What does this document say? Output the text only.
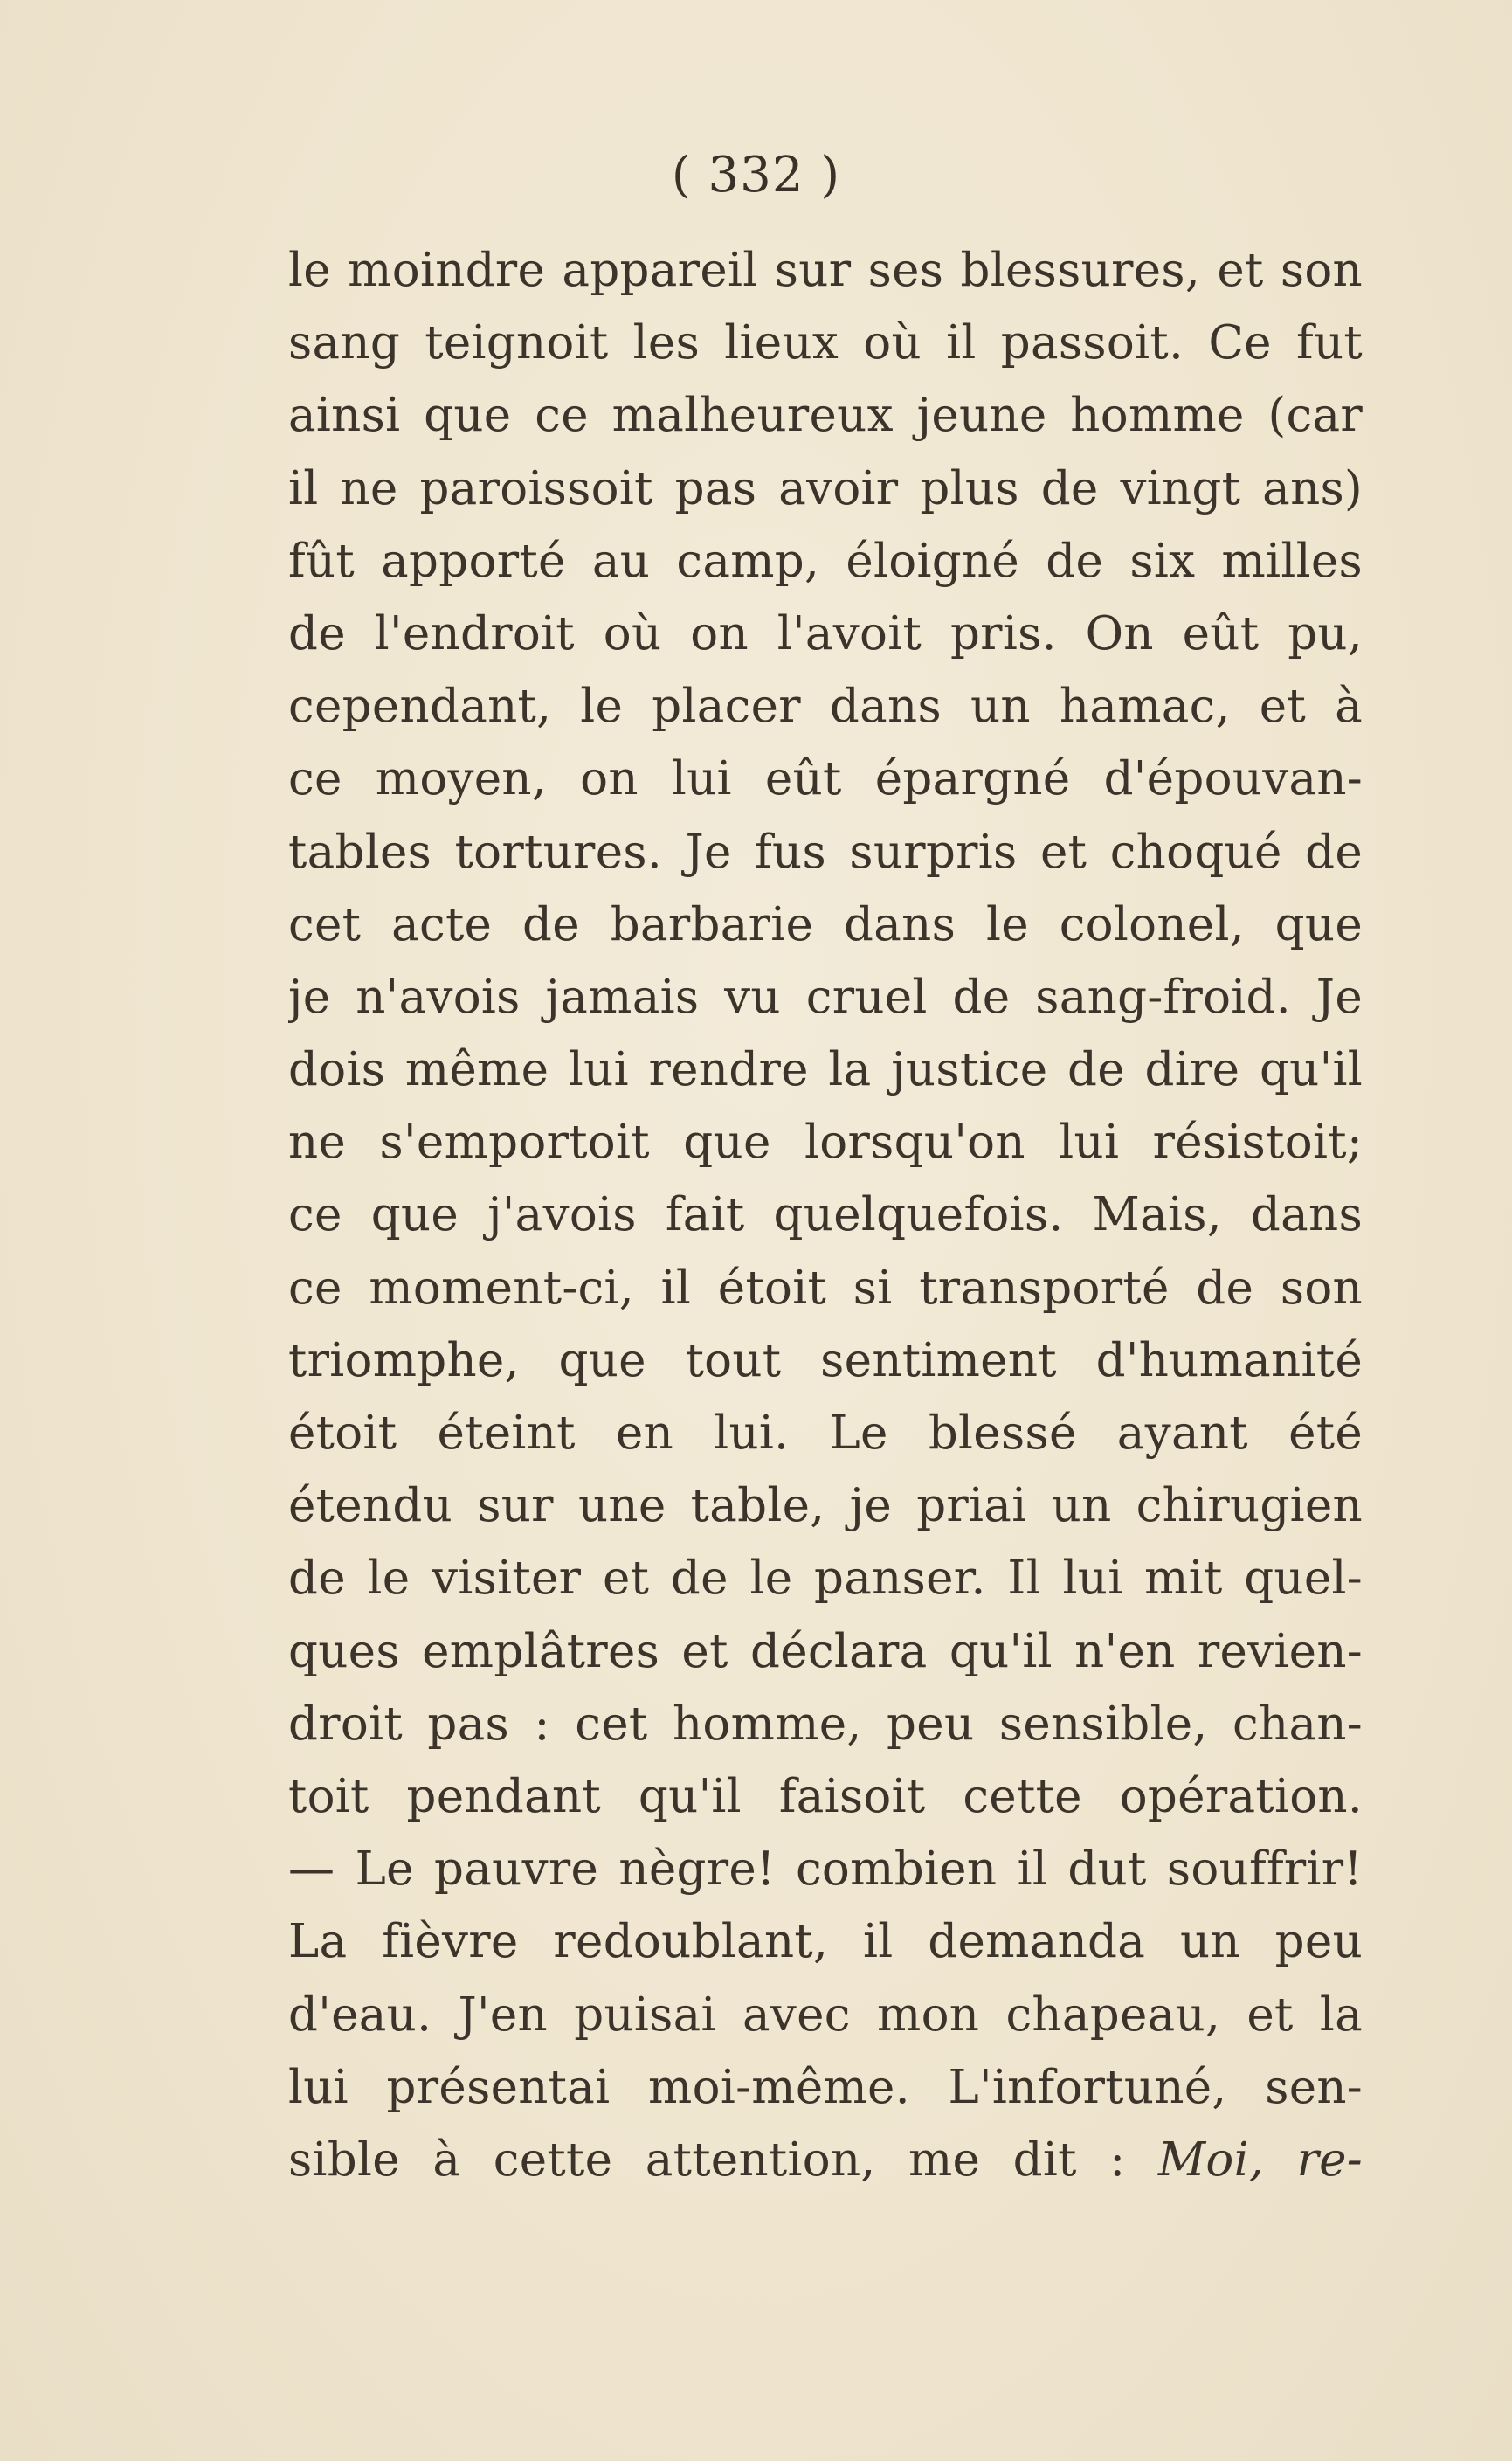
( 332 )
le moindre appareil sur ses blessures, et son
sang teignoit les lieux où il passoit. Ce fut
ainsi que ce malheureux jeune homme (car
il ne paroissoit pas avoir plus de vingt ans)
fût apporté au camp, éloigné de six milles
de l'endroit où on l'avoit pris. On eût pu,
cependant, le placer dans un hamac, et à
ce moyen, on lui eût épargné d'épouvan-
tables tortures. Je fus surpris et choqué de
cet acte de barbarie dans le colonel, que
je n'avois jamais vu cruel de sang-froid. Je
dois même lui rendre la justice de dire qu'il
ne s'emportoit que lorsqu'on lui résistoit;
ce que j'avois fait quelquefois. Mais, dans
ce moment-ci, il étoit si transporté de son
triomphe, que tout sentiment d'humanité
étoit éteint en lui. Le blessé ayant été
étendu sur une table, je priai un chirugien
de le visiter et de le panser. Il lui mit quel-
ques emplâtres et déclara qu'il n'en revien-
droit pas : cet homme, peu sensible, chan-
toit pendant qu'il faisoit cette opération.
— Le pauvre nègre! combien il dut souffrir!
La fièvre redoublant, il demanda un peu
d'eau. J'en puisai avec mon chapeau, et la
lui présentai moi-même. L'infortuné, sen-
sible à cette attention, me dit : Moi, re-
